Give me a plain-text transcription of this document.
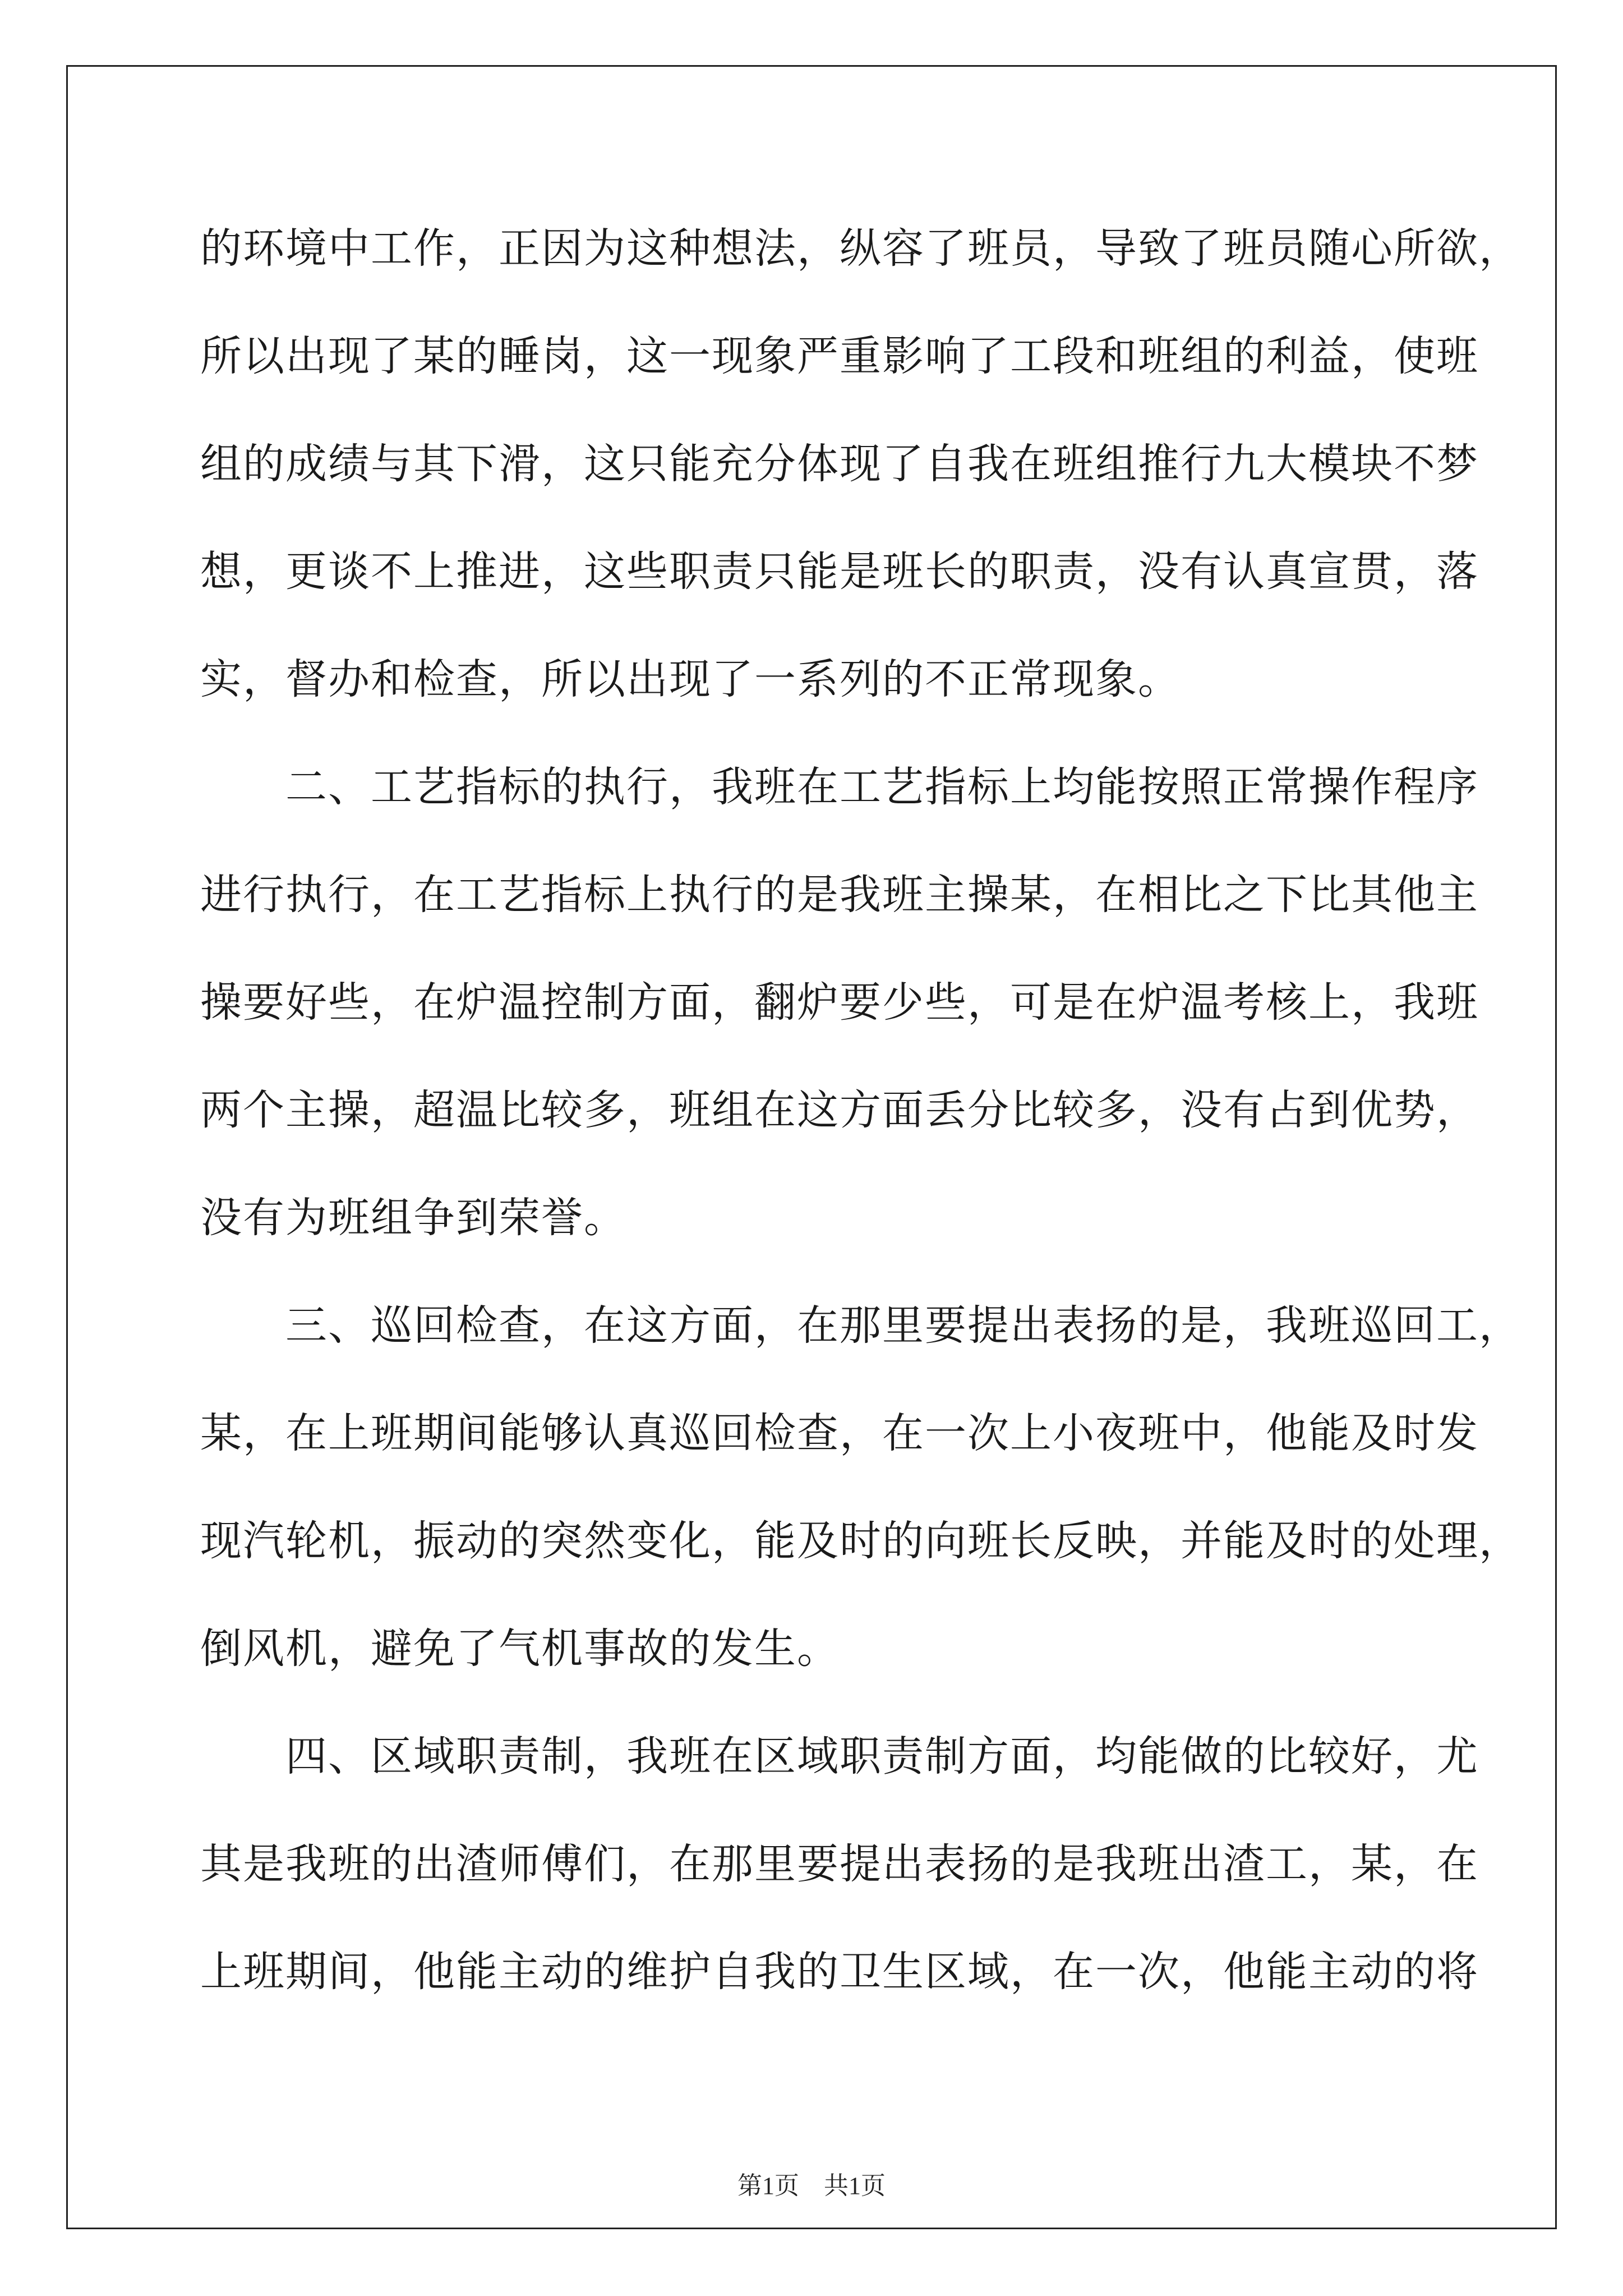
的环境中工作，正因为这种想法，纵容了班员，导致了班员随心所欲，
所以出现了某的睡岗，这一现象严重影响了工段和班组的利益，使班
组的成绩与其下滑，这只能充分体现了自我在班组推行九大模块不梦
想，更谈不上推进，这些职责只能是班长的职责，没有认真宣贯，落
实，督办和检查，所以出现了一系列的不正常现象。
　　二、工艺指标的执行，我班在工艺指标上均能按照正常操作程序
进行执行，在工艺指标上执行的是我班主操某，在相比之下比其他主
操要好些，在炉温控制方面，翻炉要少些，可是在炉温考核上，我班
两个主操，超温比较多，班组在这方面丢分比较多，没有占到优势，
没有为班组争到荣誉。
　　三、巡回检查，在这方面，在那里要提出表扬的是，我班巡回工，
某，在上班期间能够认真巡回检查，在一次上小夜班中，他能及时发
现汽轮机，振动的突然变化，能及时的向班长反映，并能及时的处理，
倒风机，避免了气机事故的发生。
　　四、区域职责制，我班在区域职责制方面，均能做的比较好，尤
其是我班的出渣师傅们，在那里要提出表扬的是我班出渣工，某，在
上班期间，他能主动的维护自我的卫生区域，在一次，他能主动的将
第1页　共1页
